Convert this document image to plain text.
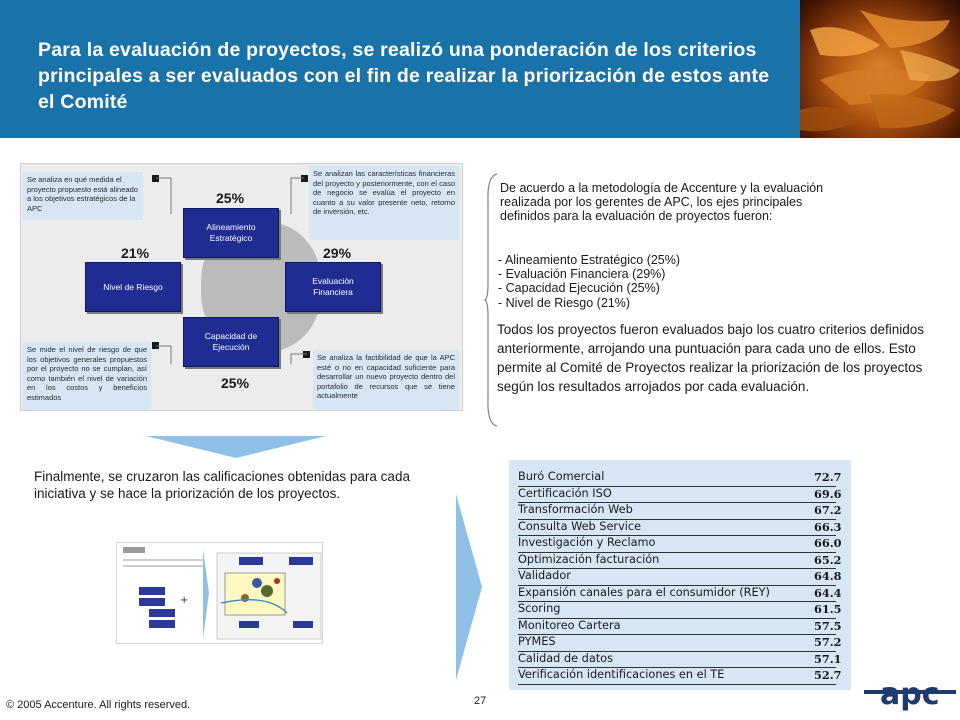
Para la evaluación de proyectos, se realizó una ponderación de los criterios principales a ser evaluados con el fin de realizar la priorización de estos ante el Comité
Se analiza en qué medida el proyecto propuesto está alineado a los objetivos estratégicos de la APC
Se analizan las características financieras del proyecto y posteriormente, con el caso de negocio se evalúa el proyecto en cuanto a su valor presente neto, retorno de inversión, etc.
Se mide el nivel de riesgo de que los objetivos generales propuestos por el proyecto no se cumplan, así como también el nivel de variación en los costos y beneficios estimados
Se analiza la factibilidad de que la APC esté o no en capacidad suficiente para desarrollar un nuevo proyecto dentro del portafolio de recursos que se tiene actualmente
25%
21%	29%
25%
Alineamiento Estratégico
Nivel de Riesgo
Evaluación Financiera
Capacidad de Ejecución
De acuerdo a la metodología de Accenture y la evaluación realizada por los gerentes de APC, los ejes principales definidos para la evaluación de proyectos fueron:
- Alineamiento Estratégico (25%)
- Evaluación Financiera (29%)
- Capacidad Ejecución (25%)
- Nivel de Riesgo (21%)
Todos los proyectos fueron evaluados bajo los cuatro criterios definidos anteriormente, arrojando una puntuación para cada uno de ellos. Esto permite al Comité de Proyectos realizar la priorización de los proyectos según los resultados arrojados por cada evaluación.
Finalmente, se cruzaron las calificaciones obtenidas para cada iniciativa y se hace la priorización de los proyectos.
+
Buró Comercial	72.7
Certificación ISO	69.6
Transformación Web	67.2
Consulta Web Service	66.3
Investigación y Reclamo	66.0
Optimización facturación	65.2
Validador	64.8
Expansión canales para el consumidor (REY)	64.4
Scoring	61.5
Monitoreo Cartera	57.5
PYMES	57.2
Calidad de datos	57.1
Verificación identificaciones en el TE	52.7
© 2005 Accenture. All rights reserved.	27	apc
